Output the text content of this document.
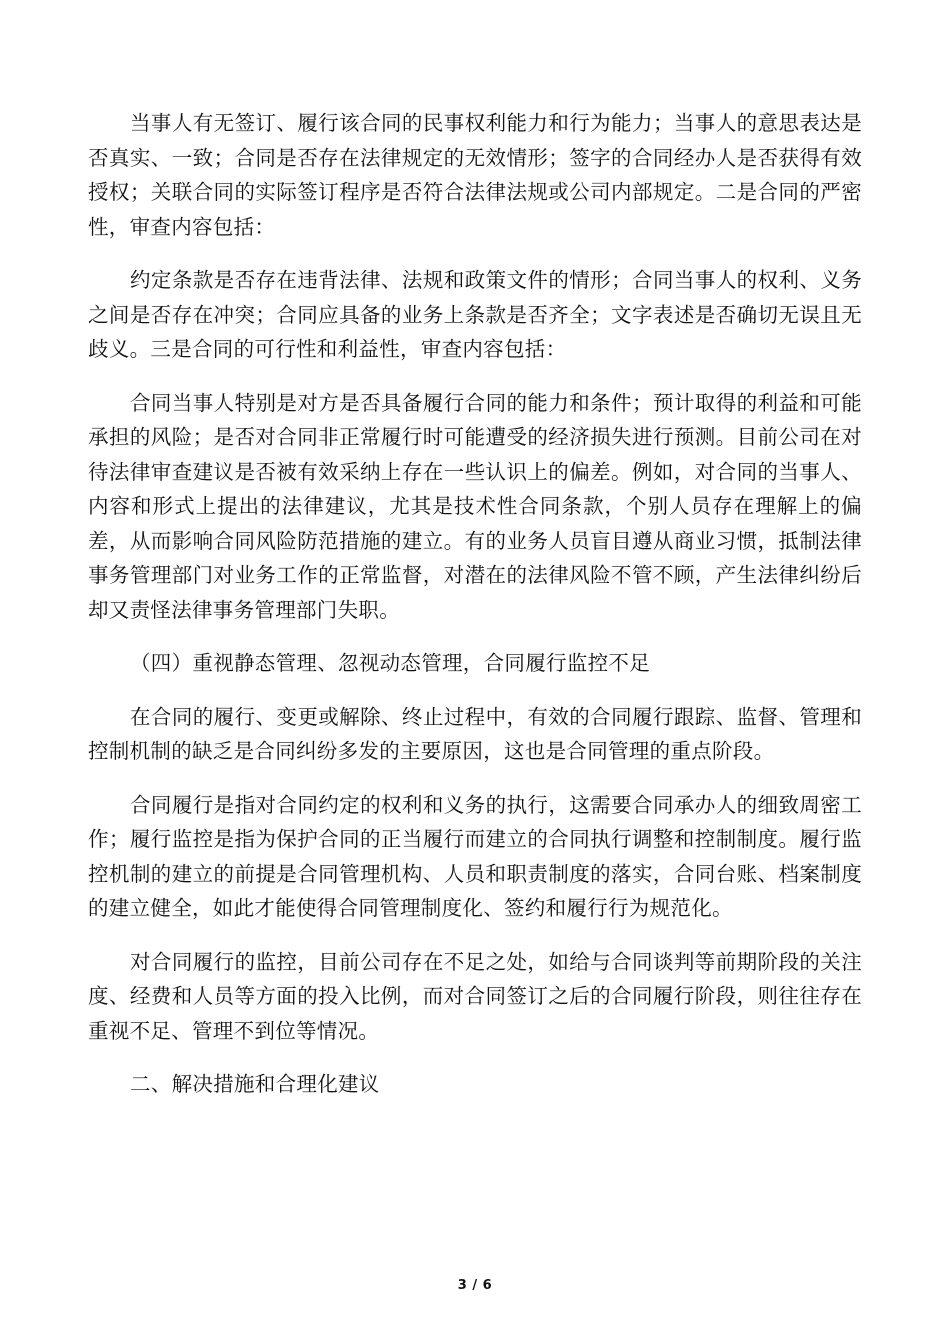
当事人有无签订、履行该合同的民事权利能力和行为能力；当事人的意思表达是否真实、一致；合同是否存在法律规定的无效情形；签字的合同经办人是否获得有效授权；关联合同的实际签订程序是否符合法律法规或公司内部规定。二是合同的严密性，审查内容包括：

约定条款是否存在违背法律、法规和政策文件的情形；合同当事人的权利、义务之间是否存在冲突；合同应具备的业务上条款是否齐全；文字表述是否确切无误且无歧义。三是合同的可行性和利益性，审查内容包括：

合同当事人特别是对方是否具备履行合同的能力和条件；预计取得的利益和可能承担的风险；是否对合同非正常履行时可能遭受的经济损失进行预测。目前公司在对待法律审查建议是否被有效采纳上存在一些认识上的偏差。例如，对合同的当事人、内容和形式上提出的法律建议，尤其是技术性合同条款，个别人员存在理解上的偏差，从而影响合同风险防范措施的建立。有的业务人员盲目遵从商业习惯，抵制法律事务管理部门对业务工作的正常监督，对潜在的法律风险不管不顾，产生法律纠纷后却又责怪法律事务管理部门失职。

（四）重视静态管理、忽视动态管理，合同履行监控不足

在合同的履行、变更或解除、终止过程中，有效的合同履行跟踪、监督、管理和控制机制的缺乏是合同纠纷多发的主要原因，这也是合同管理的重点阶段。

合同履行是指对合同约定的权利和义务的执行，这需要合同承办人的细致周密工作；履行监控是指为保护合同的正当履行而建立的合同执行调整和控制制度。履行监控机制的建立的前提是合同管理机构、人员和职责制度的落实，合同台账、档案制度的建立健全，如此才能使得合同管理制度化、签约和履行行为规范化。

对合同履行的监控，目前公司存在不足之处，如给与合同谈判等前期阶段的关注度、经费和人员等方面的投入比例，而对合同签订之后的合同履行阶段，则往往存在重视不足、管理不到位等情况。

二、解决措施和合理化建议

3 / 6
